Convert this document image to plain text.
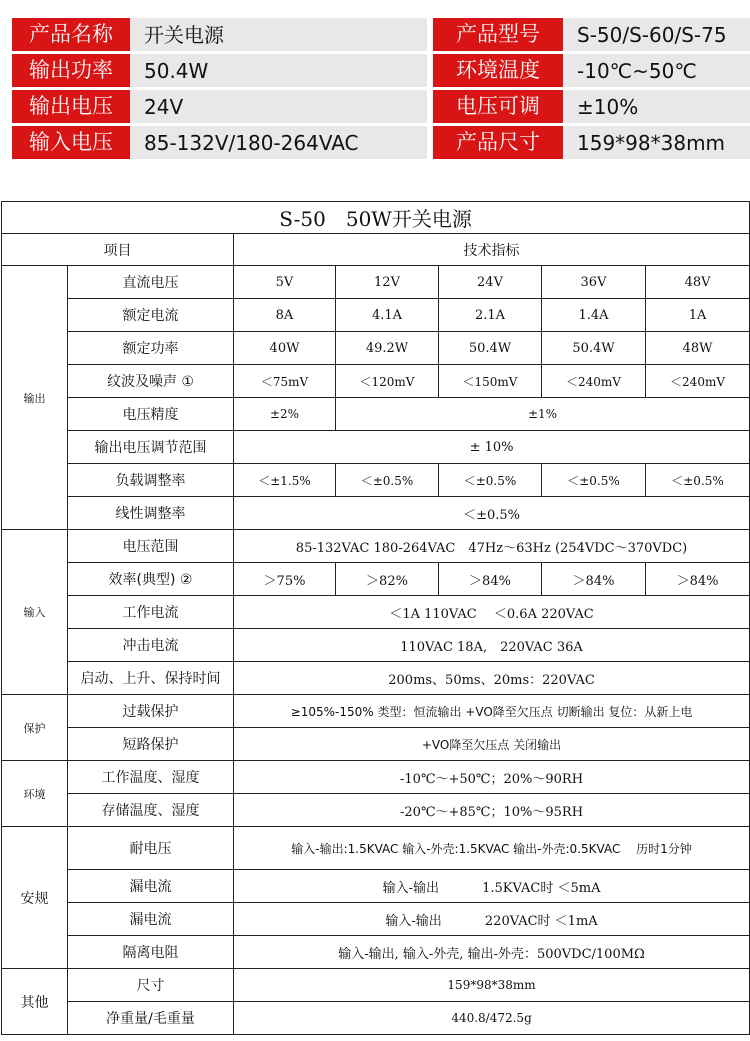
产品名称	开关电源	产品型号	S-50/S-60/S-75
输出功率	50.4W	环境温度	-10℃~50℃
输出电压	24V	电压可调	±10%
输入电压	85-132V/180-264VAC	产品尺寸	159*98*38mm
S-50　50W开关电源						
项目		技术指标				
输出	直流电压	5V	12V	24V	36V	48V
	额定电流	8A	4.1A	2.1A	1.4A	1A
	额定功率	40W	49.2W	50.4W	50.4W	48W
	纹波及噪声 ①	＜75mV	＜120mV	＜150mV	＜240mV	＜240mV
	电压精度	±2%	±1%			
	输出电压调节范围	± 10%				
	负载调整率	＜±1.5%	＜±0.5%	＜±0.5%	＜±0.5%	＜±0.5%
	线性调整率	＜±0.5%				
输入	电压范围	85-132VAC 180-264VAC　47Hz～63Hz (254VDC～370VDC)				
	效率(典型) ②	＞75%	＞82%	＞84%	＞84%	＞84%
	工作电流	＜1A 110VAC　 ＜0.6A 220VAC				
	冲击电流	110VAC 18A,　220VAC 36A				
	启动、上升、保持时间	200ms、50ms、20ms：220VAC				
保护	过载保护	≥105%-150% 类型：恒流输出 +VO降至欠压点 切断输出 复位：从新上电				
	短路保护	+VO降至欠压点 关闭输出				
环境	工作温度、湿度	-10℃～+50℃；20%～90RH				
	存储温度、湿度	-20℃～+85℃；10%～95RH				
安规	耐电压	输入-输出:1.5KVAC 输入-外壳:1.5KVAC 输出-外壳:0.5KVAC　 历时1分钟				
	漏电流	输入-输出　　　 1.5KVAC时 ＜5mA				
	漏电流	输入-输出　　　 220VAC时 ＜1mA				
	隔离电阻	输入-输出, 输入-外壳, 输出-外壳：500VDC/100MΩ				
其他	尺寸	159*98*38mm				
	净重量/毛重量	440.8/472.5g				
